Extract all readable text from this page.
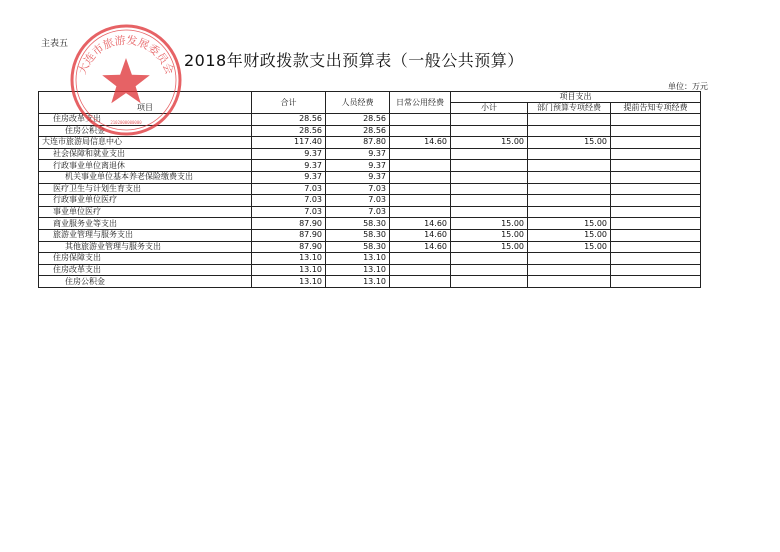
主表五
2018年财政拨款支出预算表（一般公共预算）
单位：万元
项目	合计	人员经费	日常公用经费	项目支出		
				小计	部门预算专项经费	提前告知专项经费
住房改革支出	28.56	28.56				
住房公积金	28.56	28.56				
大连市旅游局信息中心	117.40	87.80	14.60	15.00	15.00	
社会保障和就业支出	9.37	9.37				
行政事业单位离退休	9.37	9.37				
机关事业单位基本养老保险缴费支出	9.37	9.37				
医疗卫生与计划生育支出	7.03	7.03				
行政事业单位医疗	7.03	7.03				
事业单位医疗	7.03	7.03				
商业服务业等支出	87.90	58.30	14.60	15.00	15.00	
旅游业管理与服务支出	87.90	58.30	14.60	15.00	15.00	
其他旅游业管理与服务支出	87.90	58.30	14.60	15.00	15.00	
住房保障支出	13.10	13.10				
住房改革支出	13.10	13.10				
住房公积金	13.10	13.10				
大连市旅游发展委员会
2102000000000
